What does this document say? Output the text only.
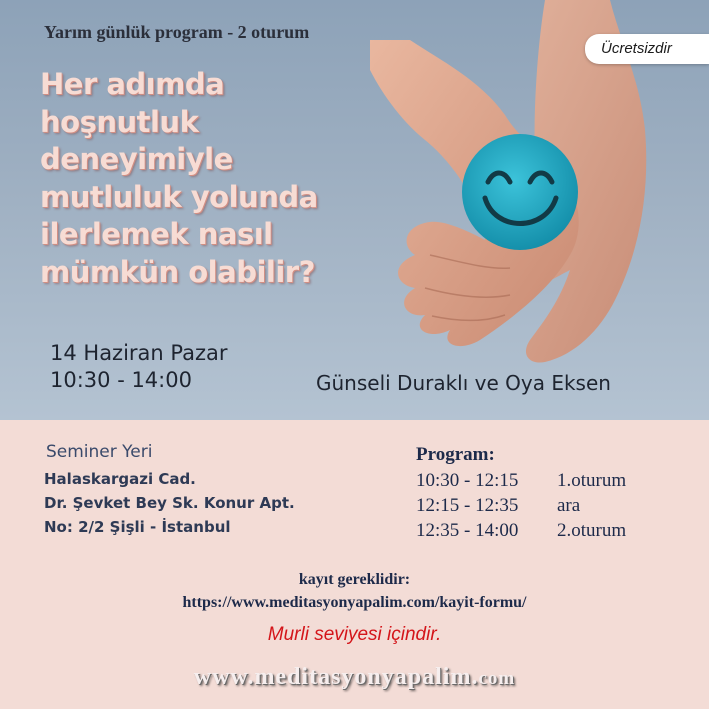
Yarım günlük program - 2 oturum
Ücretsizdir
Her adımda
hoşnutluk
deneyimiyle
mutluluk yolunda
ilerlemek nasıl
mümkün olabilir?
14 Haziran Pazar
10:30 - 14:00	Günseli Duraklı ve Oya Eksen
Seminer Yeri
Halaskargazi Cad.
Dr. Şevket Bey Sk. Konur Apt.
No: 2/2 Şişli - İstanbul
Program:
10:30 - 12:15 1.oturum
12:15 - 12:35 ara
12:35 - 14:00 2.oturum
kayıt gereklidir:
https://www.meditasyonyapalim.com/kayit-formu/
Murli seviyesi içindir.
www.meditasyonyapalim.com
